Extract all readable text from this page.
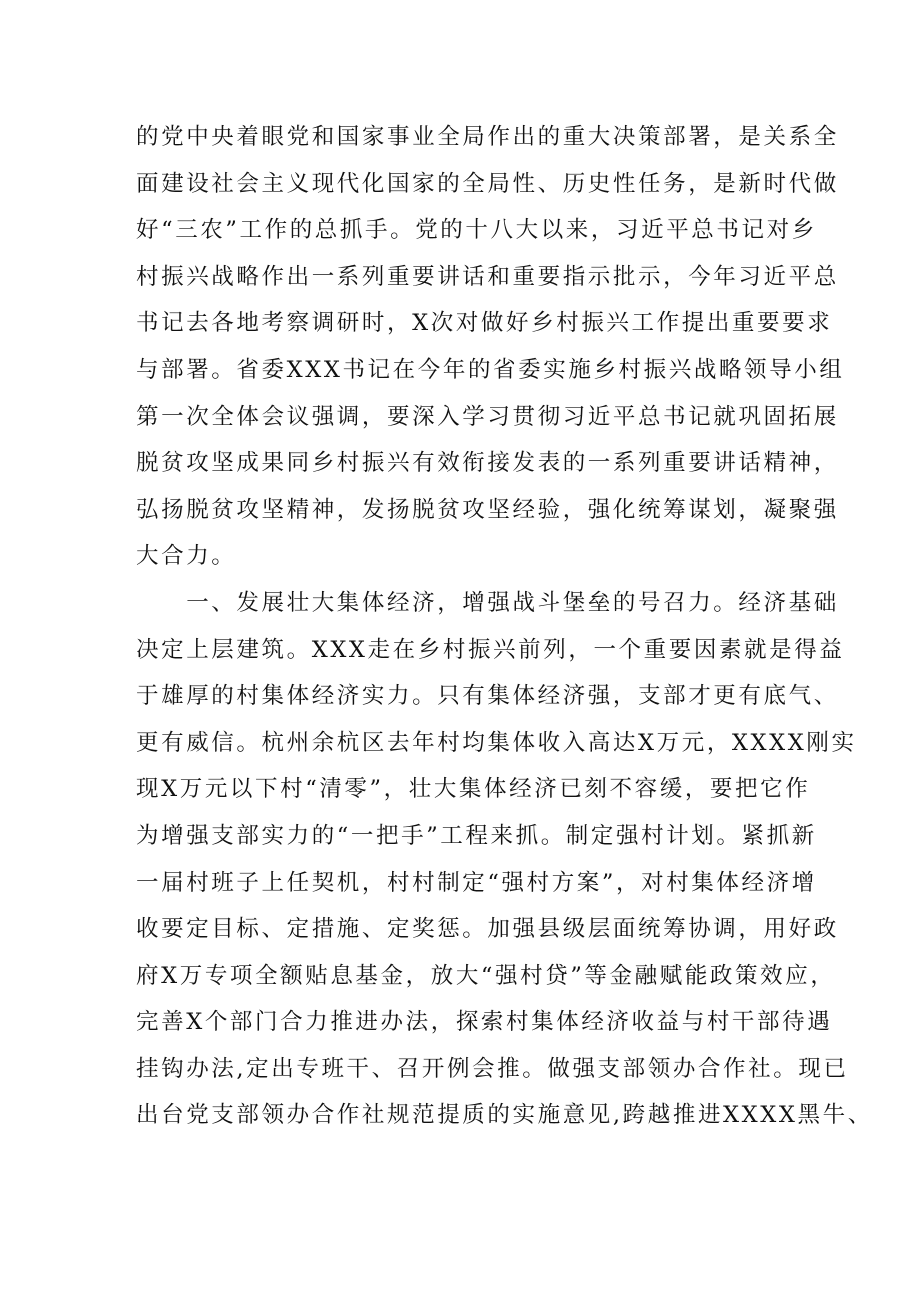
的党中央着眼党和国家事业全局作出的重大决策部署，是关系全
面建设社会主义现代化国家的全局性、历史性任务，是新时代做
好“三农”工作的总抓手。党的十八大以来，习近平总书记对乡
村振兴战略作出一系列重要讲话和重要指示批示，今年习近平总
书记去各地考察调研时，X次对做好乡村振兴工作提出重要要求
与部署。省委XXX书记在今年的省委实施乡村振兴战略领导小组
第一次全体会议强调，要深入学习贯彻习近平总书记就巩固拓展
脱贫攻坚成果同乡村振兴有效衔接发表的一系列重要讲话精神，
弘扬脱贫攻坚精神，发扬脱贫攻坚经验，强化统筹谋划，凝聚强
大合力。
　　一、发展壮大集体经济，增强战斗堡垒的号召力。经济基础
决定上层建筑。XXX走在乡村振兴前列，一个重要因素就是得益
于雄厚的村集体经济实力。只有集体经济强，支部才更有底气、
更有威信。杭州余杭区去年村均集体收入高达X万元，XXXX刚实
现X万元以下村“清零”，壮大集体经济已刻不容缓，要把它作
为增强支部实力的“一把手”工程来抓。制定强村计划。紧抓新
一届村班子上任契机，村村制定“强村方案”，对村集体经济增
收要定目标、定措施、定奖惩。加强县级层面统筹协调，用好政
府X万专项全额贴息基金，放大“强村贷”等金融赋能政策效应，
完善X个部门合力推进办法，探索村集体经济收益与村干部待遇
挂钩办法,定出专班干、召开例会推。做强支部领办合作社。现已
出台党支部领办合作社规范提质的实施意见,跨越推进XXXX黑牛、
